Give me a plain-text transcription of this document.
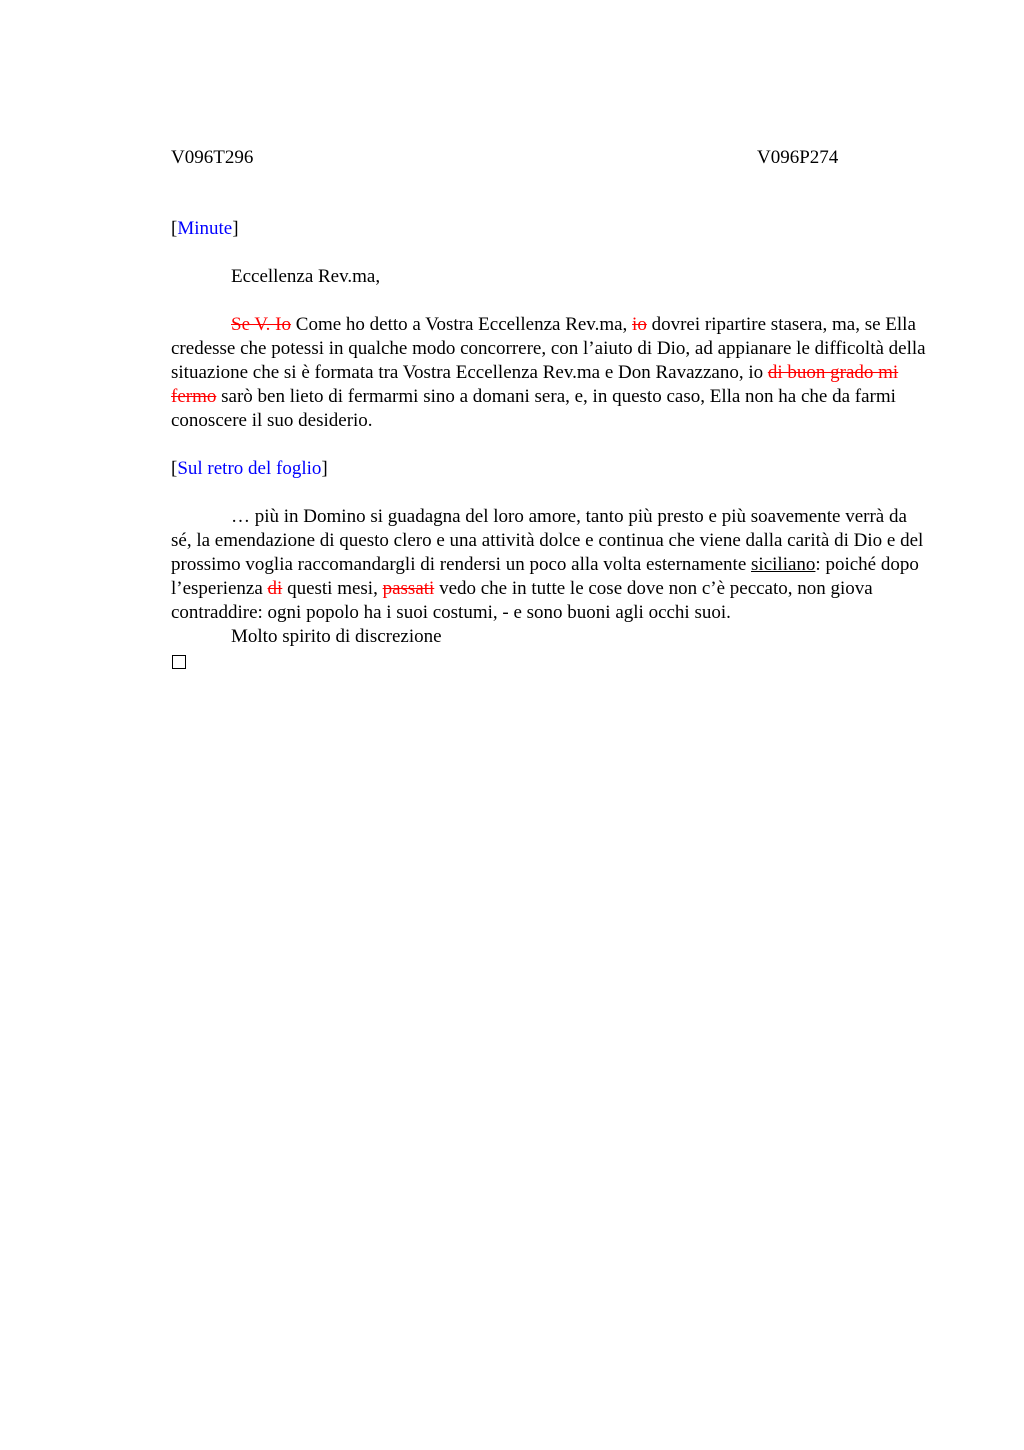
V096T296	V096P274

[Minute]

Eccellenza Rev.ma,

Se V. Io Come ho detto a Vostra Eccellenza Rev.ma, io dovrei ripartire stasera, ma, se Ella credesse che potessi in qualche modo concorrere, con l’aiuto di Dio, ad appianare le difficoltà della situazione che si è formata tra Vostra Eccellenza Rev.ma e Don Ravazzano, io di buon grado mi fermo sarò ben lieto di fermarmi sino a domani sera, e, in questo caso, Ella non ha che da farmi conoscere il suo desiderio.

[Sul retro del foglio]

… più in Domino si guadagna del loro amore, tanto più presto e più soavemente verrà da sé, la emendazione di questo clero e una attività dolce e continua che viene dalla carità di Dio e del prossimo voglia raccomandargli di rendersi un poco alla volta esternamente siciliano: poiché dopo l’esperienza di questi mesi, passati vedo che in tutte le cose dove non c’è peccato, non giova contraddire: ogni popolo ha i suoi costumi, - e sono buoni agli occhi suoi.

Molto spirito di discrezione
